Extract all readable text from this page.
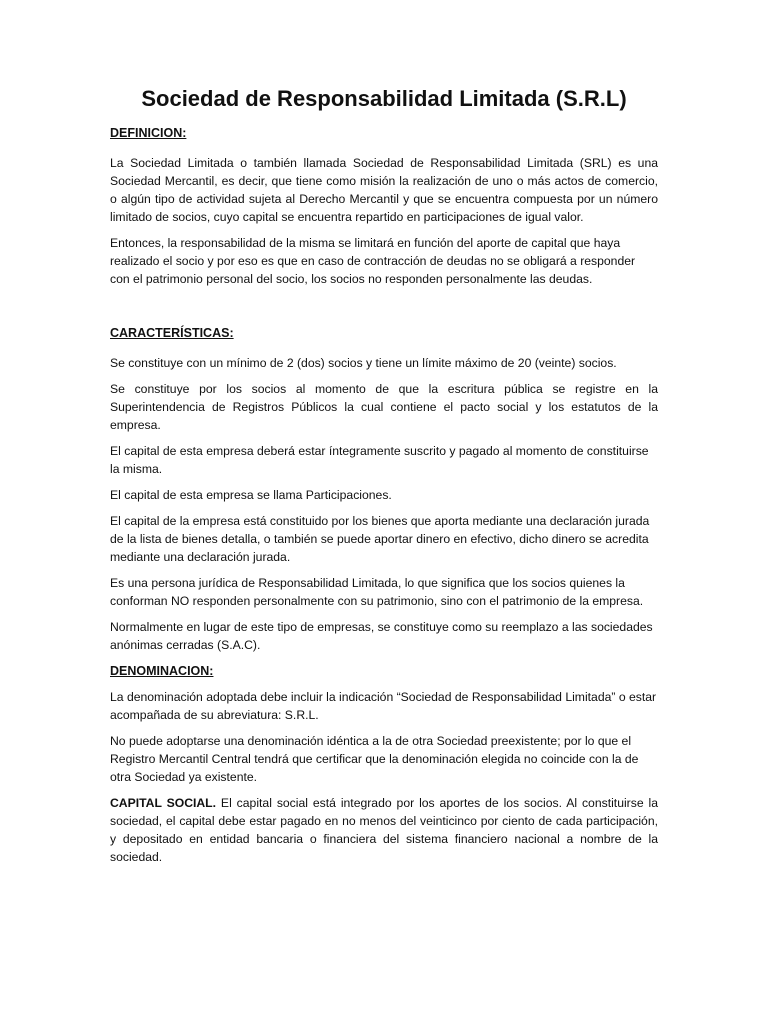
Sociedad de Responsabilidad Limitada (S.R.L)

DEFINICION:

La Sociedad Limitada o también llamada Sociedad de Responsabilidad Limitada (SRL) es una Sociedad Mercantil, es decir, que tiene como misión la realización de uno o más actos de comercio, o algún tipo de actividad sujeta al Derecho Mercantil y que se encuentra compuesta por un número limitado de socios, cuyo capital se encuentra repartido en participaciones de igual valor.

Entonces, la responsabilidad de la misma se limitará en función del aporte de capital que haya realizado el socio y por eso es que en caso de contracción de deudas no se obligará a responder con el patrimonio personal del socio, los socios no responden personalmente las deudas.

CARACTERÍSTICAS:

Se constituye con un mínimo de 2 (dos) socios y tiene un límite máximo de 20 (veinte) socios.

Se constituye por los socios al momento de que la escritura pública se registre en la Superintendencia de Registros Públicos la cual contiene el pacto social y los estatutos de la empresa.

El capital de esta empresa deberá estar íntegramente suscrito y pagado al momento de constituirse la misma.

El capital de esta empresa se llama Participaciones.

El capital de la empresa está constituido por los bienes que aporta mediante una declaración jurada de la lista de bienes detalla, o también se puede aportar dinero en efectivo, dicho dinero se acredita mediante una declaración jurada.

Es una persona jurídica de Responsabilidad Limitada, lo que significa que los socios quienes la conforman NO responden personalmente con su patrimonio, sino con el patrimonio de la empresa.

Normalmente en lugar de este tipo de empresas, se constituye como su reemplazo a las sociedades anónimas cerradas (S.A.C).

DENOMINACION:

La denominación adoptada debe incluir la indicación “Sociedad de Responsabilidad Limitada” o estar acompañada de su abreviatura: S.R.L.

No puede adoptarse una denominación idéntica a la de otra Sociedad preexistente; por lo que el Registro Mercantil Central tendrá que certificar que la denominación elegida no coincide con la de otra Sociedad ya existente.

CAPITAL SOCIAL. El capital social está integrado por los aportes de los socios. Al constituirse la sociedad, el capital debe estar pagado en no menos del veinticinco por ciento de cada participación, y depositado en entidad bancaria o financiera del sistema financiero nacional a nombre de la sociedad.
